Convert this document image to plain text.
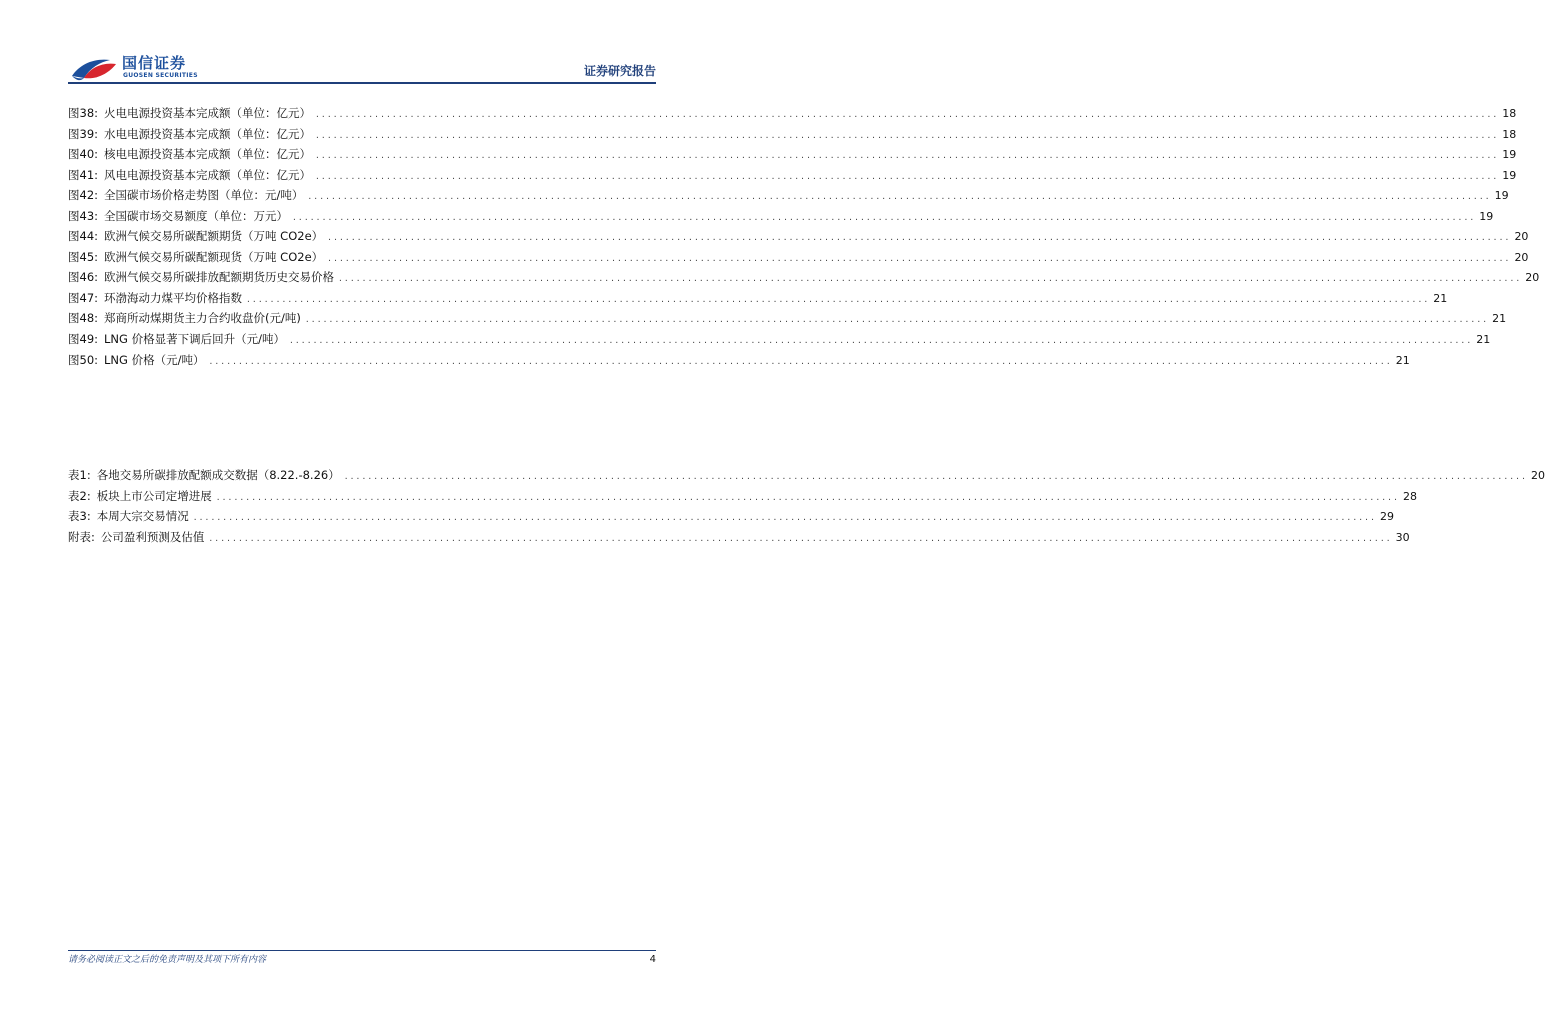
国信证券
GUOSEN SECURITIES	证券研究报告
图38: 火电电源投资基本完成额（单位：亿元） ........................................................................................................................................................................................................ 18
图39: 水电电源投资基本完成额（单位：亿元） ........................................................................................................................................................................................................ 18
图40: 核电电源投资基本完成额（单位：亿元） ........................................................................................................................................................................................................ 19
图41: 风电电源投资基本完成额（单位：亿元） ........................................................................................................................................................................................................ 19
图42: 全国碳市场价格走势图（单位：元/吨） ........................................................................................................................................................................................................ 19
图43: 全国碳市场交易额度（单位：万元） ........................................................................................................................................................................................................ 19
图44: 欧洲气候交易所碳配额期货（万吨 CO2e） ........................................................................................................................................................................................................ 20
图45: 欧洲气候交易所碳配额现货（万吨 CO2e） ........................................................................................................................................................................................................ 20
图46: 欧洲气候交易所碳排放配额期货历史交易价格 ........................................................................................................................................................................................................ 20
图47: 环渤海动力煤平均价格指数 ........................................................................................................................................................................................................ 21
图48: 郑商所动煤期货主力合约收盘价(元/吨) ........................................................................................................................................................................................................ 21
图49: LNG 价格显著下调后回升（元/吨） ........................................................................................................................................................................................................ 21
图50: LNG 价格（元/吨） ........................................................................................................................................................................................................ 21
表1: 各地交易所碳排放配额成交数据（8.22.-8.26） ........................................................................................................................................................................................................ 20
表2: 板块上市公司定增进展 ........................................................................................................................................................................................................ 28
表3: 本周大宗交易情况 ........................................................................................................................................................................................................ 29
附表: 公司盈利预测及估值 ........................................................................................................................................................................................................ 30
请务必阅读正文之后的免责声明及其项下所有内容	4
